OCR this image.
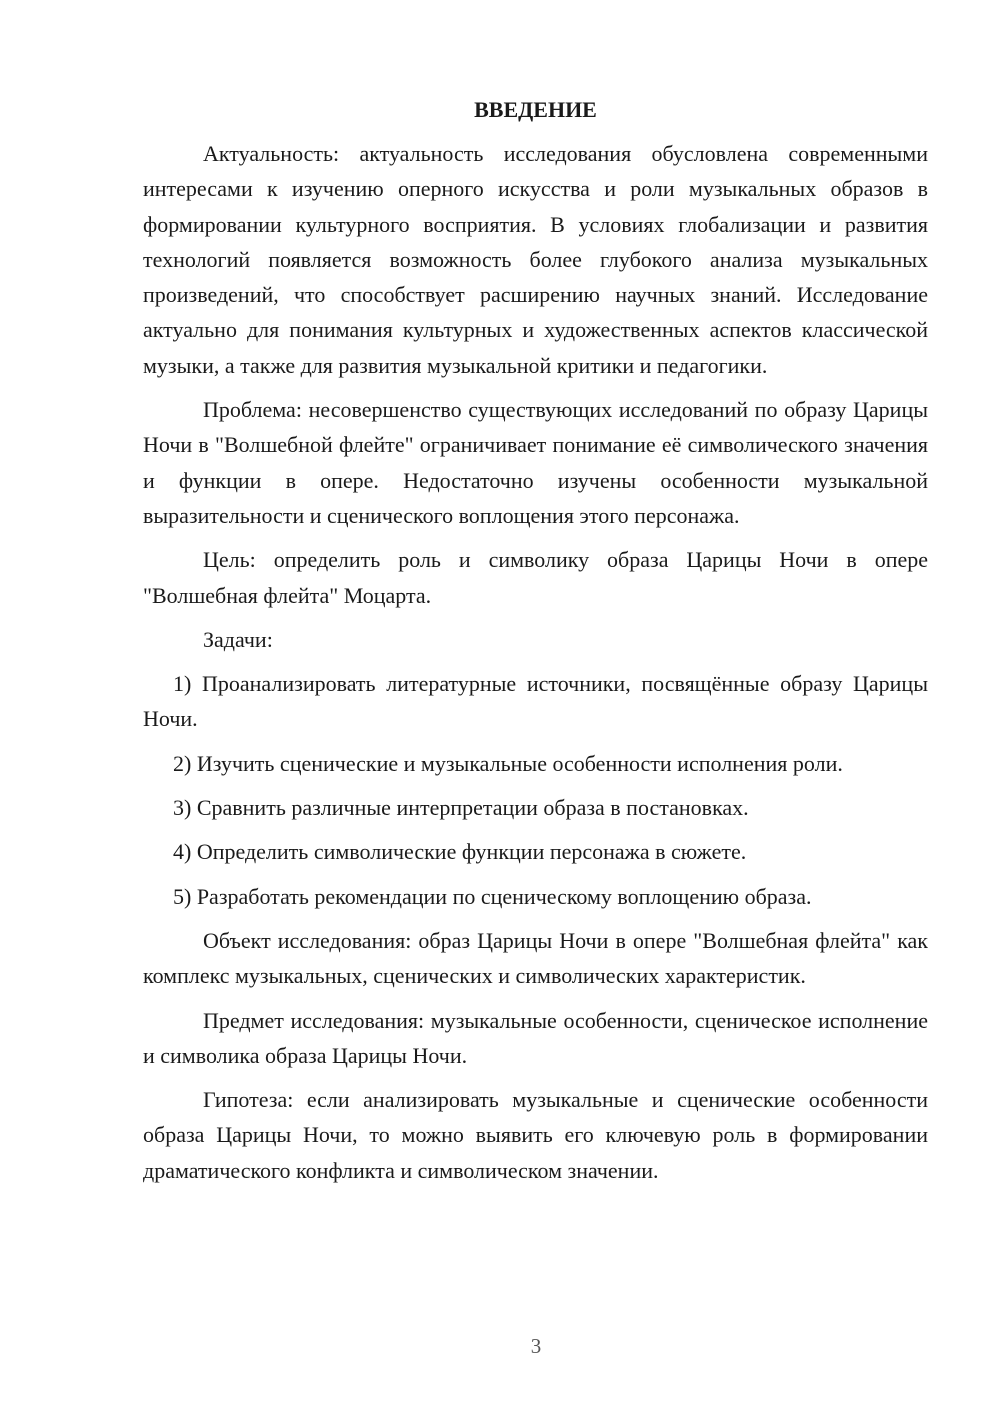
ВВЕДЕНИЕ

Актуальность: актуальность исследования обусловлена современными интересами к изучению оперного искусства и роли музыкальных образов в формировании культурного восприятия. В условиях глобализации и развития технологий появляется возможность более глубокого анализа музыкальных произведений, что способствует расширению научных знаний. Исследование актуально для понимания культурных и художественных аспектов классической музыки, а также для развития музыкальной критики и педагогики.

Проблема: несовершенство существующих исследований по образу Царицы Ночи в "Волшебной флейте" ограничивает понимание её символического значения и функции в опере. Недостаточно изучены особенности музыкальной выразительности и сценического воплощения этого персонажа.

Цель: определить роль и символику образа Царицы Ночи в опере "Волшебная флейта" Моцарта.

Задачи:

1) Проанализировать литературные источники, посвящённые образу Царицы Ночи.

2) Изучить сценические и музыкальные особенности исполнения роли.

3) Сравнить различные интерпретации образа в постановках.

4) Определить символические функции персонажа в сюжете.

5) Разработать рекомендации по сценическому воплощению образа.

Объект исследования: образ Царицы Ночи в опере "Волшебная флейта" как комплекс музыкальных, сценических и символических характеристик.

Предмет исследования: музыкальные особенности, сценическое исполнение и символика образа Царицы Ночи.

Гипотеза: если анализировать музыкальные и сценические особенности образа Царицы Ночи, то можно выявить его ключевую роль в формировании драматического конфликта и символическом значении.

3
